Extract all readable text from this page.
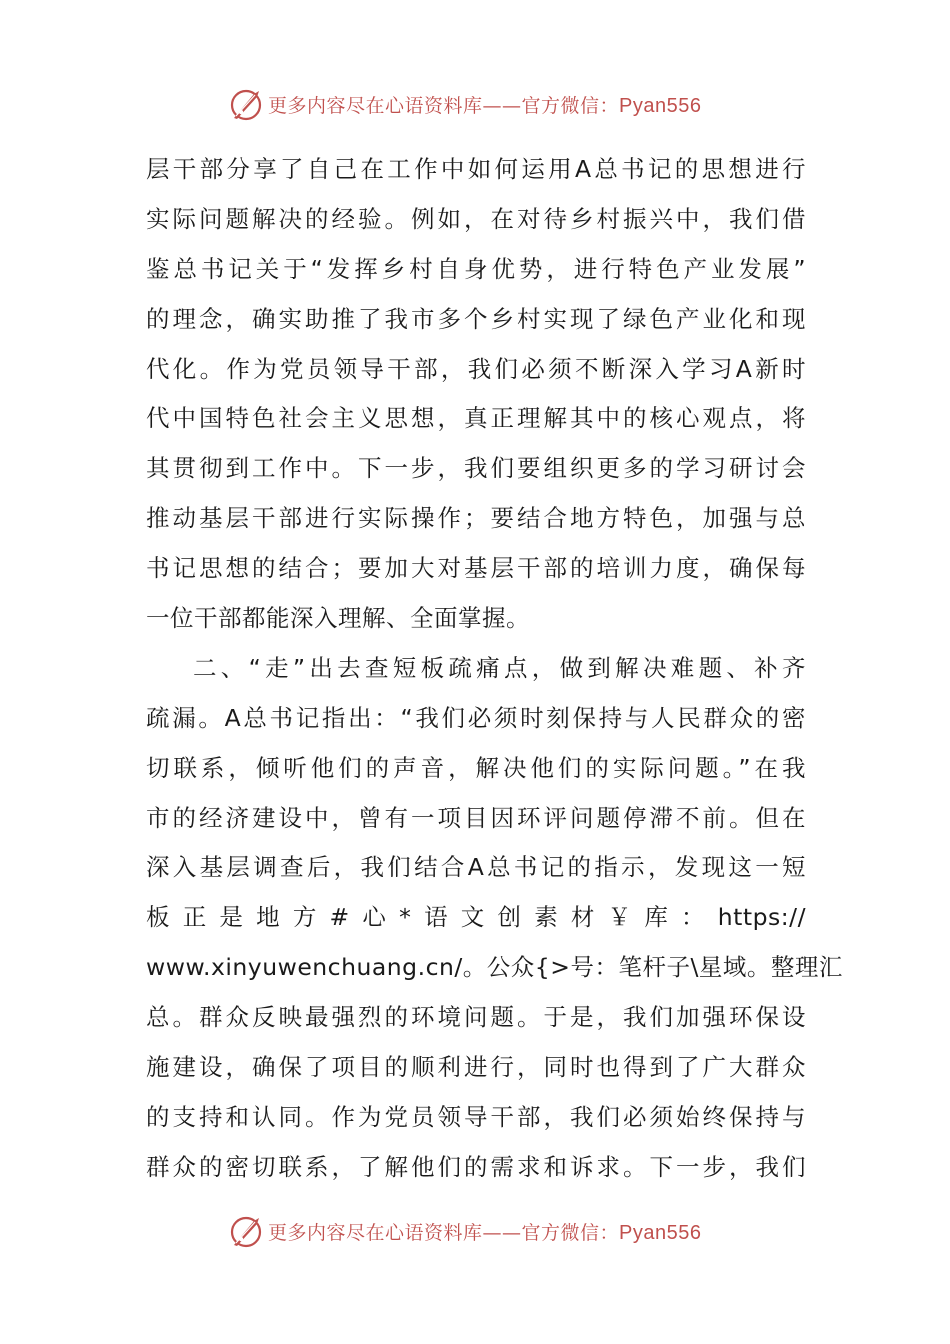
更多内容尽在心语资料库——官方微信：Pyan556
层干部分享了自己在工作中如何运用A总书记的思想进行
实际问题解决的经验。例如，在对待乡村振兴中，我们借
鉴总书记关于“发挥乡村自身优势，进行特色产业发展”
的理念，确实助推了我市多个乡村实现了绿色产业化和现
代化。作为党员领导干部，我们必须不断深入学习A新时
代中国特色社会主义思想，真正理解其中的核心观点，将
其贯彻到工作中。下一步，我们要组织更多的学习研讨会
推动基层干部进行实际操作；要结合地方特色，加强与总
书记思想的结合；要加大对基层干部的培训力度，确保每
一位干部都能深入理解、全面掌握。
二、“走”出去查短板疏痛点，做到解决难题、补齐
疏漏。A总书记指出：“我们必须时刻保持与人民群众的密
切联系，倾听他们的声音，解决他们的实际问题。”在我
市的经济建设中，曾有一项目因环评问题停滞不前。但在
深入基层调查后，我们结合A总书记的指示，发现这一短
板正是地方#心*语文创素材￥库：https://
www.xinyuwenchuang.cn/。公众{>号：笔杆子\星域。整理汇
总。群众反映最强烈的环境问题。于是，我们加强环保设
施建设，确保了项目的顺利进行，同时也得到了广大群众
的支持和认同。作为党员领导干部，我们必须始终保持与
群众的密切联系，了解他们的需求和诉求。下一步，我们
更多内容尽在心语资料库——官方微信：Pyan556
